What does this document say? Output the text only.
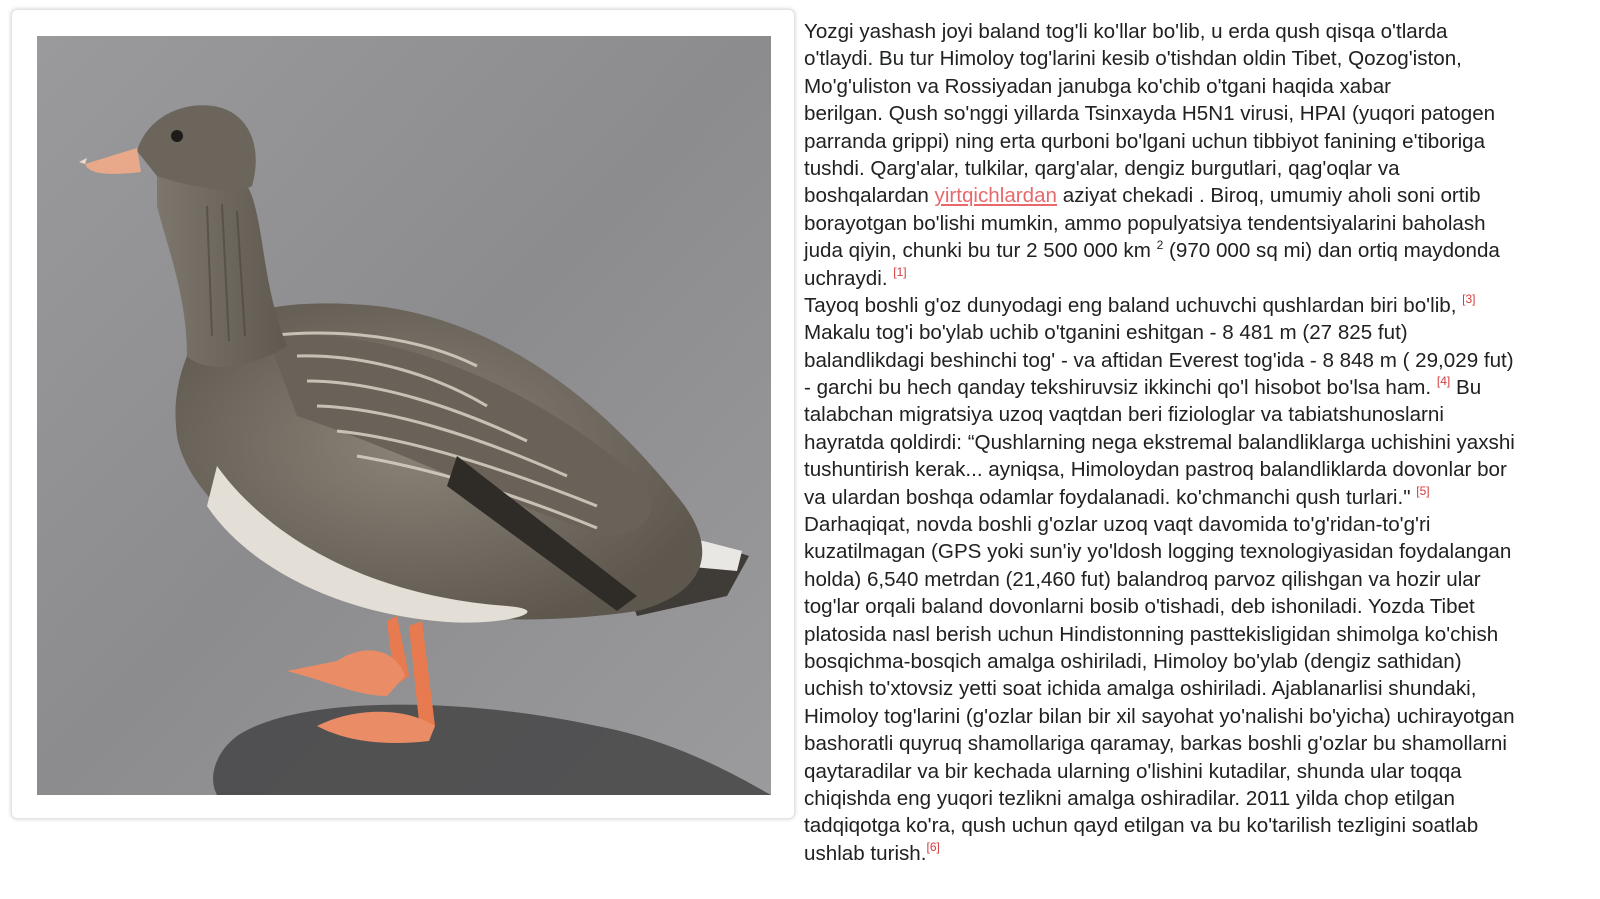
Yozgi yashash joyi baland tog'li ko'llar bo'lib, u erda qush qisqa o'tlarda
o'tlaydi. Bu tur Himoloy tog'larini kesib o'tishdan oldin Tibet, Qozog'iston,
Mo'g'uliston va Rossiyadan janubga ko'chib o'tgani haqida xabar
berilgan. Qush so'nggi yillarda Tsinxayda H5N1 virusi, HPAI (yuqori patogen
parranda grippi) ning erta qurboni bo'lgani uchun tibbiyot fanining e'tiboriga
tushdi. Qarg'alar, tulkilar, qarg'alar, dengiz burgutlari, qag'oqlar va
boshqalardan yirtqichlardan aziyat chekadi . Biroq, umumiy aholi soni ortib
borayotgan bo'lishi mumkin, ammo populyatsiya tendentsiyalarini baholash
juda qiyin, chunki bu tur 2 500 000 km $^2$ (970 000 sq mi) dan ortiq maydonda
uchraydi. [1]
Tayoq boshli g'oz dunyodagi eng baland uchuvchi qushlardan biri bo'lib, [3]
Makalu tog'i bo'ylab uchib o'tganini eshitgan - 8 481 m (27 825 fut)
balandlikdagi beshinchi tog' - va aftidan Everest tog'ida - 8 848 m ( 29,029 fut)
- garchi bu hech qanday tekshiruvsiz ikkinchi qo'l hisobot bo'lsa ham. [4] Bu
talabchan migratsiya uzoq vaqtdan beri fiziologlar va tabiatshunoslarni
hayratda qoldirdi: “Qushlarning nega ekstremal balandliklarga uchishini yaxshi
tushuntirish kerak... ayniqsa, Himoloydan pastroq balandliklarda dovonlar bor
va ulardan boshqa odamlar foydalanadi. ko'chmanchi qush turlari." [5]
Darhaqiqat, novda boshli g'ozlar uzoq vaqt davomida to'g'ridan-to'g'ri
kuzatilmagan (GPS yoki sun'iy yo'ldosh logging texnologiyasidan foydalangan
holda) 6,540 metrdan (21,460 fut) balandroq parvoz qilishgan va hozir ular
tog'lar orqali baland dovonlarni bosib o'tishadi, deb ishoniladi. Yozda Tibet
platosida nasl berish uchun Hindistonning pasttekisligidan shimolga ko'chish
bosqichma-bosqich amalga oshiriladi, Himoloy bo'ylab (dengiz sathidan)
uchish to'xtovsiz yetti soat ichida amalga oshiriladi. Ajablanarlisi shundaki,
Himoloy tog'larini (g'ozlar bilan bir xil sayohat yo'nalishi bo'yicha) uchirayotgan
bashoratli quyruq shamollariga qaramay, barkas boshli g'ozlar bu shamollarni
qaytaradilar va bir kechada ularning o'lishini kutadilar, shunda ular toqqa
chiqishda eng yuqori tezlikni amalga oshiradilar. 2011 yilda chop etilgan
tadqiqotga ko'ra, qush uchun qayd etilgan va bu ko'tarilish tezligini soatlab
ushlab turish.[6]
